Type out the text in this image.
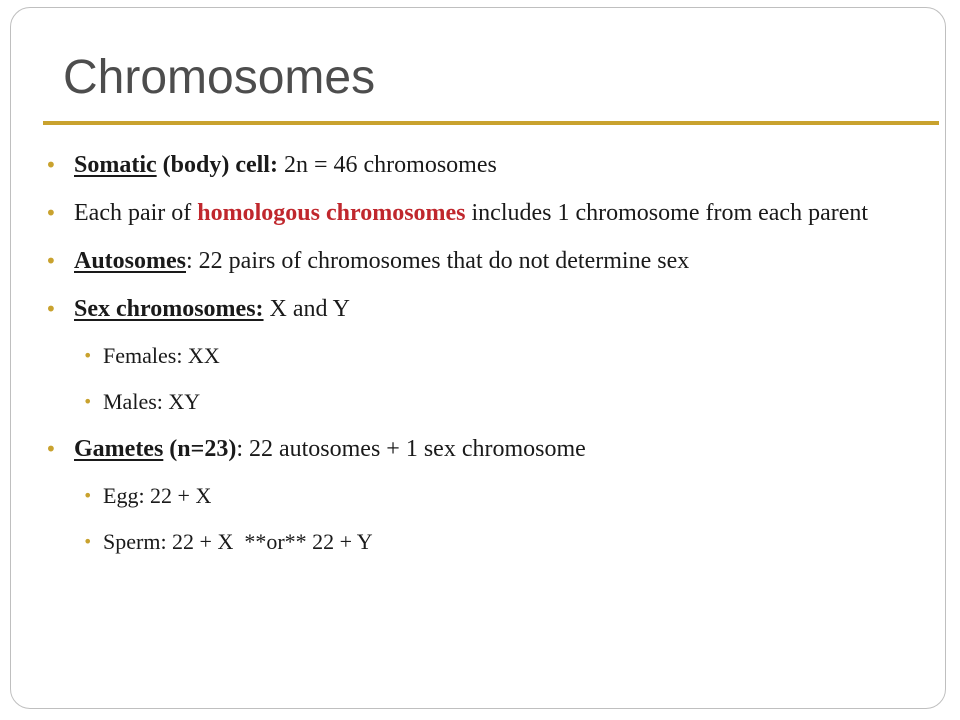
Chromosomes
• Somatic (body) cell: 2n = 46 chromosomes
• Each pair of homologous chromosomes includes 1 chromosome from each parent
• Autosomes: 22 pairs of chromosomes that do not determine sex
• Sex chromosomes: X and Y
• Females: XX
• Males: XY
• Gametes (n=23): 22 autosomes + 1 sex chromosome
• Egg: 22 + X
• Sperm: 22 + X  **or** 22 + Y
